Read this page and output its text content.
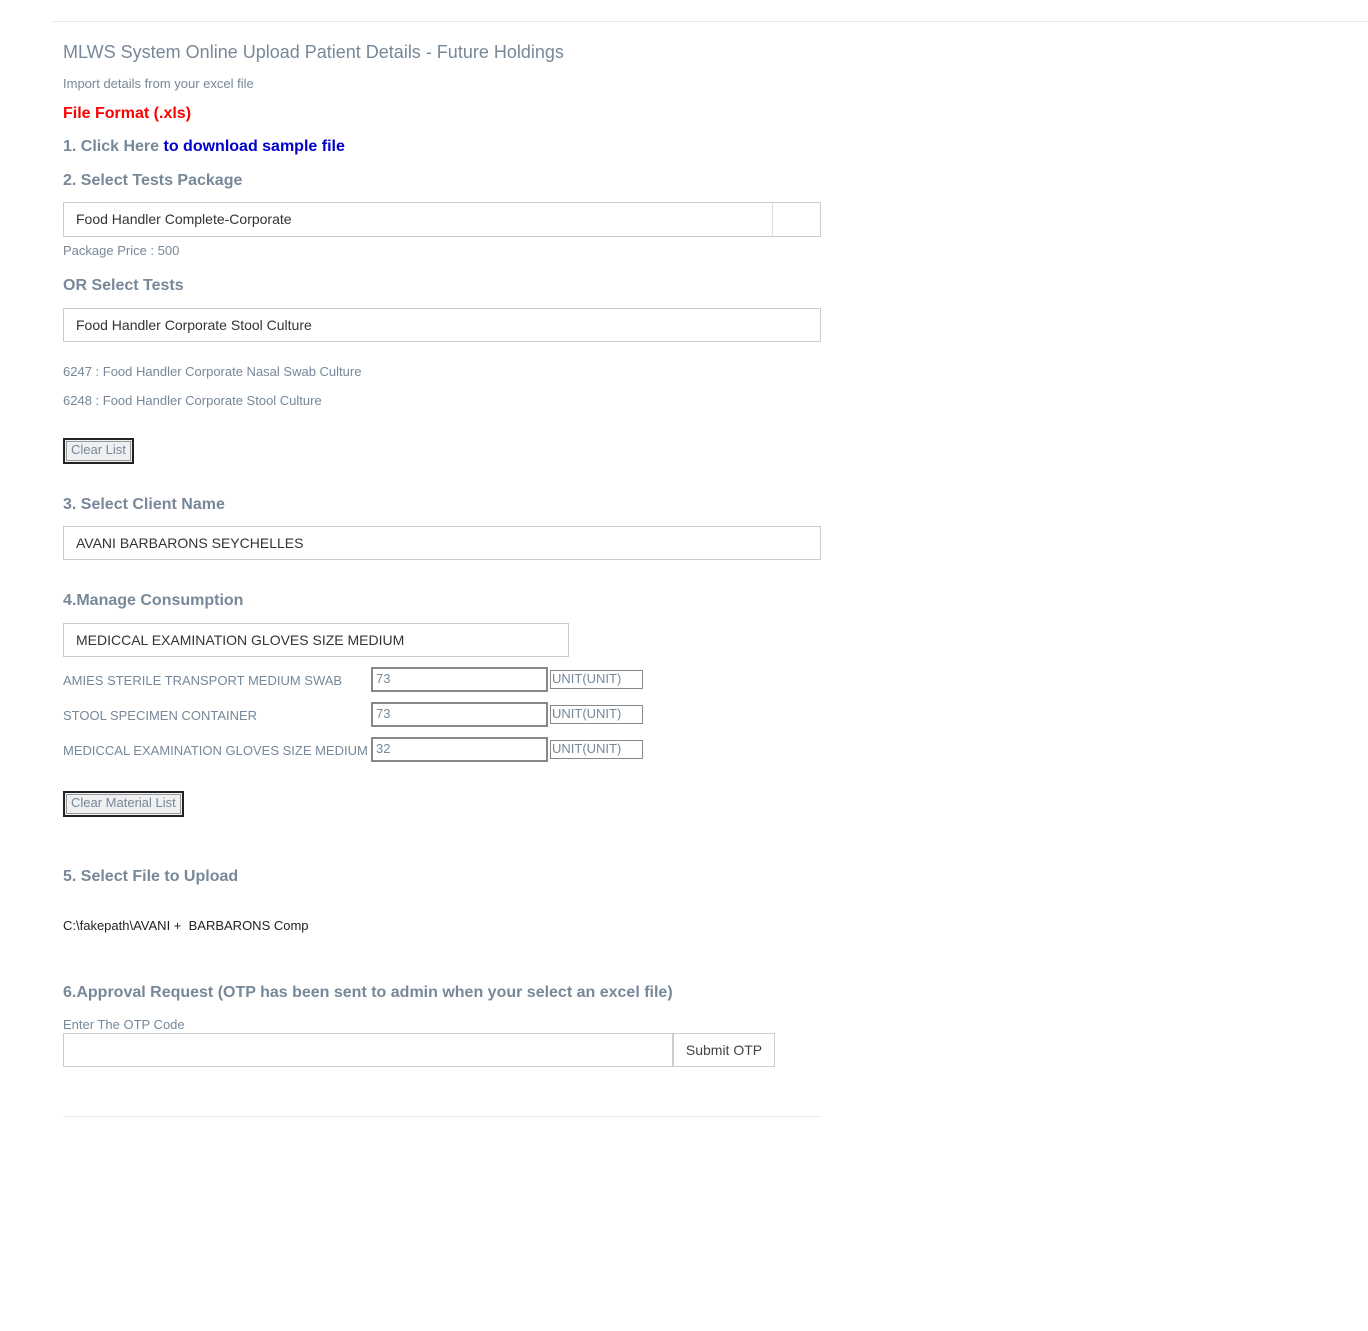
MLWS System Online Upload Patient Details - Future Holdings
Import details from your excel file
File Format (.xls)
1. Click Here to download sample file
2. Select Tests Package
Food Handler Complete-Corporate
Package Price : 500
OR Select Tests
Food Handler Corporate Stool Culture
6247 : Food Handler Corporate Nasal Swab Culture
6248 : Food Handler Corporate Stool Culture
Clear List
3. Select Client Name
AVANI BARBARONS SEYCHELLES
4.Manage Consumption
MEDICCAL EXAMINATION GLOVES SIZE MEDIUM
AMIES STERILE TRANSPORT MEDIUM SWAB	73	UNIT(UNIT)
STOOL SPECIMEN CONTAINER	73	UNIT(UNIT)
MEDICCAL EXAMINATION GLOVES SIZE MEDIUM 32	UNIT(UNIT)
Clear Material List
5. Select File to Upload
C:\fakepath\AVANI +  BARBARONS Comp
6.Approval Request (OTP has been sent to admin when your select an excel file)
Enter The OTP Code
Submit OTP
